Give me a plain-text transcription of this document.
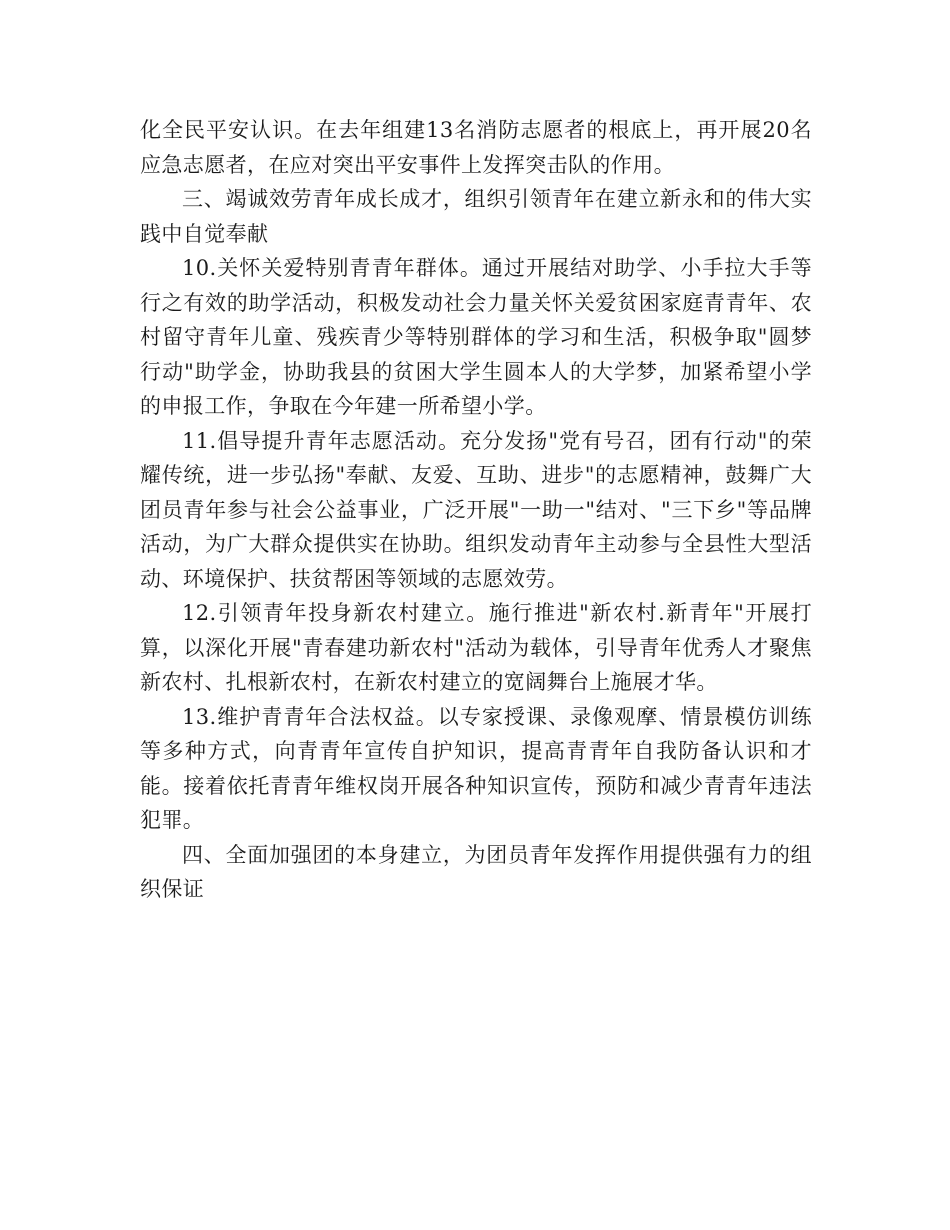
化全民平安认识。在去年组建13名消防志愿者的根底上，再开展20名应急志愿者，在应对突出平安事件上发挥突击队的作用。

三、竭诚效劳青年成长成才，组织引领青年在建立新永和的伟大实践中自觉奉献

10.关怀关爱特别青青年群体。通过开展结对助学、小手拉大手等行之有效的助学活动，积极发动社会力量关怀关爱贫困家庭青青年、农村留守青年儿童、残疾青少等特别群体的学习和生活，积极争取"圆梦行动"助学金，协助我县的贫困大学生圆本人的大学梦，加紧希望小学的申报工作，争取在今年建一所希望小学。

11.倡导提升青年志愿活动。充分发扬"党有号召，团有行动"的荣耀传统，进一步弘扬"奉献、友爱、互助、进步"的志愿精神，鼓舞广大团员青年参与社会公益事业，广泛开展"一助一"结对、"三下乡"等品牌活动，为广大群众提供实在协助。组织发动青年主动参与全县性大型活动、环境保护、扶贫帮困等领域的志愿效劳。

12.引领青年投身新农村建立。施行推进"新农村.新青年"开展打算，以深化开展"青春建功新农村"活动为载体，引导青年优秀人才聚焦新农村、扎根新农村，在新农村建立的宽阔舞台上施展才华。

13.维护青青年合法权益。以专家授课、录像观摩、情景模仿训练等多种方式，向青青年宣传自护知识，提高青青年自我防备认识和才能。接着依托青青年维权岗开展各种知识宣传，预防和减少青青年违法犯罪。

四、全面加强团的本身建立，为团员青年发挥作用提供强有力的组织保证
